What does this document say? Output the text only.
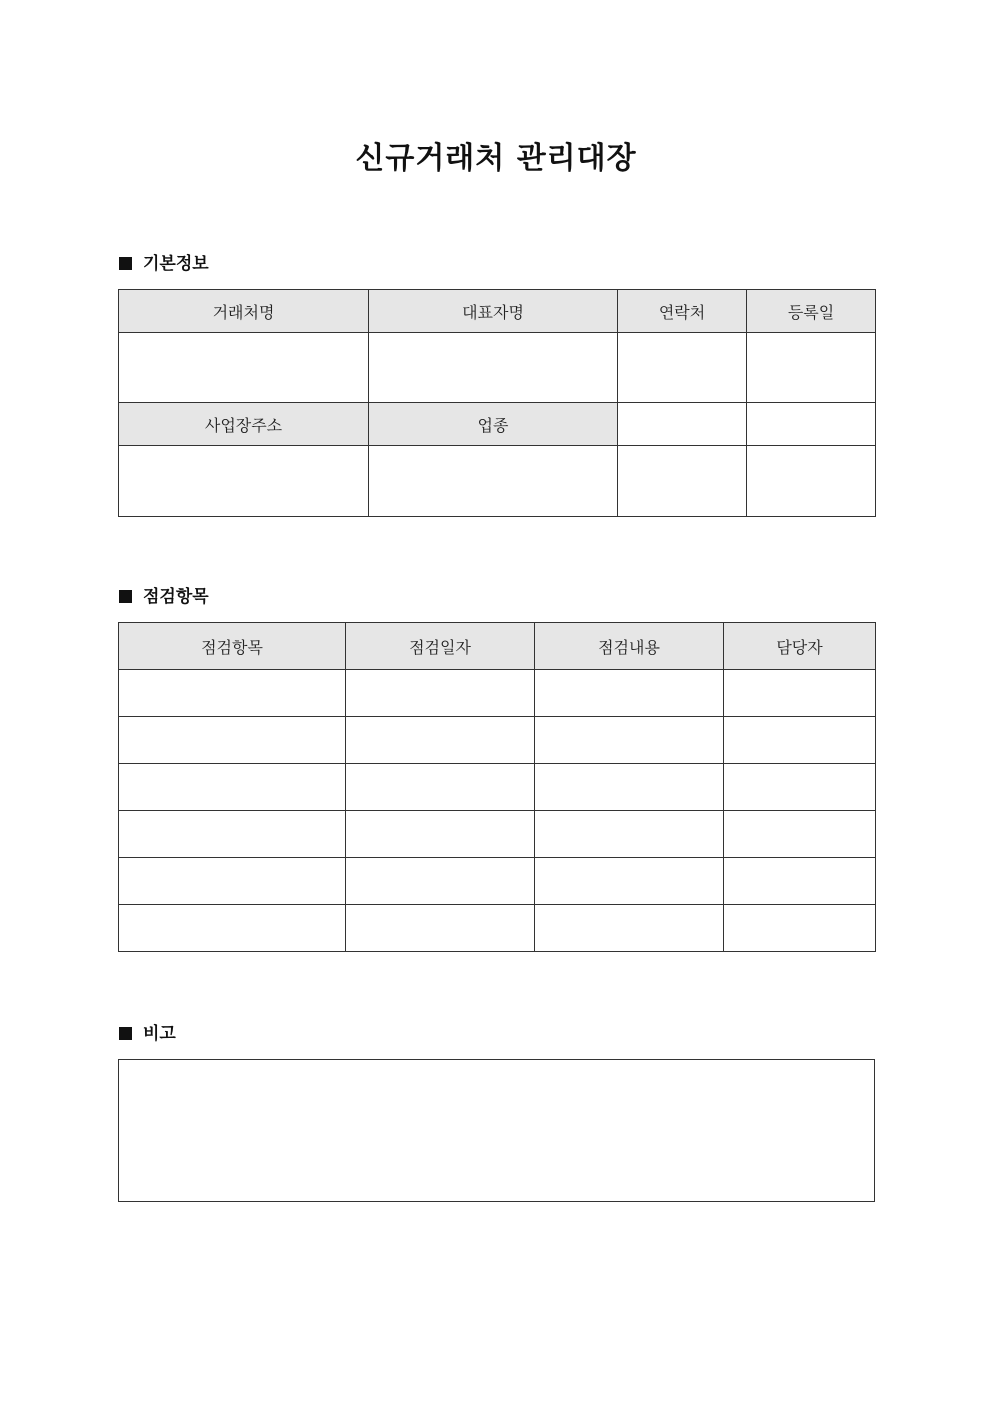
신규거래처 관리대장
기본정보
거래처명	대표자명	연락처	등록일

사업장주소	업종		

점검항목
점검항목	점검일자	점검내용	담당자

비고
